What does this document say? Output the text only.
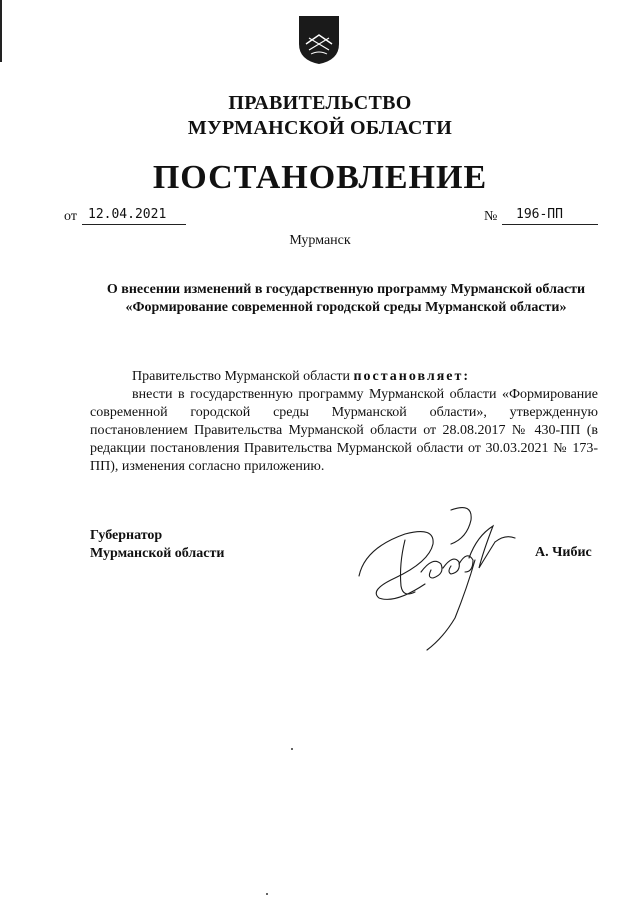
ПРАВИТЕЛЬСТВО
МУРМАНСКОЙ ОБЛАСТИ
ПОСТАНОВЛЕНИЕ
от 12.04.2021	№	196-ПП
Мурманск
О внесении изменений в государственную программу Мурманской области «Формирование современной городской среды Мурманской области»

Правительство Мурманской области постановляет:

внести в государственную программу Мурманской области «Формирование современной городской среды Мурманской области», утвержденную постановлением Правительства Мурманской области от 28.08.2017 № 430-ПП (в редакции постановления Правительства Мурманской области от 30.03.2021 № 173-ПП), изменения согласно приложению.

Губернатор
Мурманской области	А. Чибис
